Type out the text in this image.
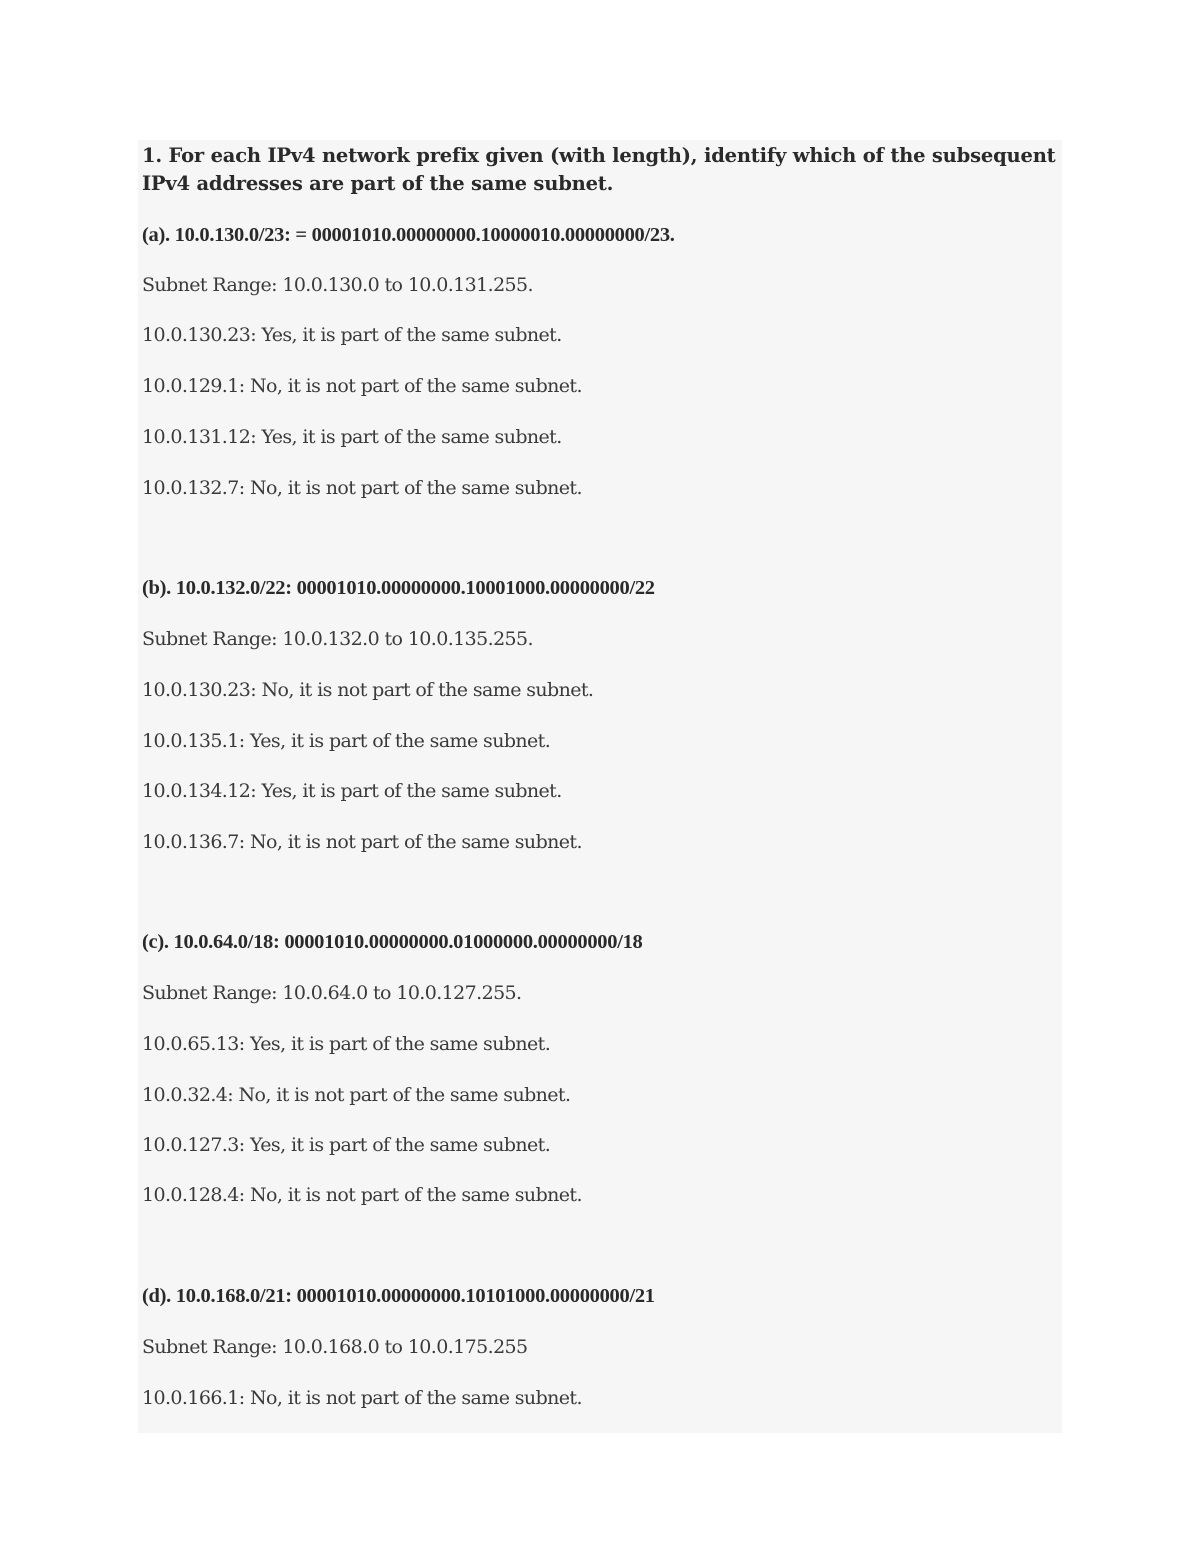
1. For each IPv4 network prefix given (with length), identify which of the subsequent IPv4 addresses are part of the same subnet.
(a). 10.0.130.0/23: = 00001010.00000000.10000010.00000000/23.
Subnet Range: 10.0.130.0 to 10.0.131.255.
10.0.130.23: Yes, it is part of the same subnet.
10.0.129.1: No, it is not part of the same subnet.
10.0.131.12: Yes, it is part of the same subnet.
10.0.132.7: No, it is not part of the same subnet.
(b). 10.0.132.0/22: 00001010.00000000.10001000.00000000/22
Subnet Range: 10.0.132.0 to 10.0.135.255.
10.0.130.23: No, it is not part of the same subnet.
10.0.135.1: Yes, it is part of the same subnet.
10.0.134.12: Yes, it is part of the same subnet.
10.0.136.7: No, it is not part of the same subnet.
(c). 10.0.64.0/18: 00001010.00000000.01000000.00000000/18
Subnet Range: 10.0.64.0 to 10.0.127.255.
10.0.65.13: Yes, it is part of the same subnet.
10.0.32.4: No, it is not part of the same subnet.
10.0.127.3: Yes, it is part of the same subnet.
10.0.128.4: No, it is not part of the same subnet.
(d). 10.0.168.0/21: 00001010.00000000.10101000.00000000/21
Subnet Range: 10.0.168.0 to 10.0.175.255
10.0.166.1: No, it is not part of the same subnet.
